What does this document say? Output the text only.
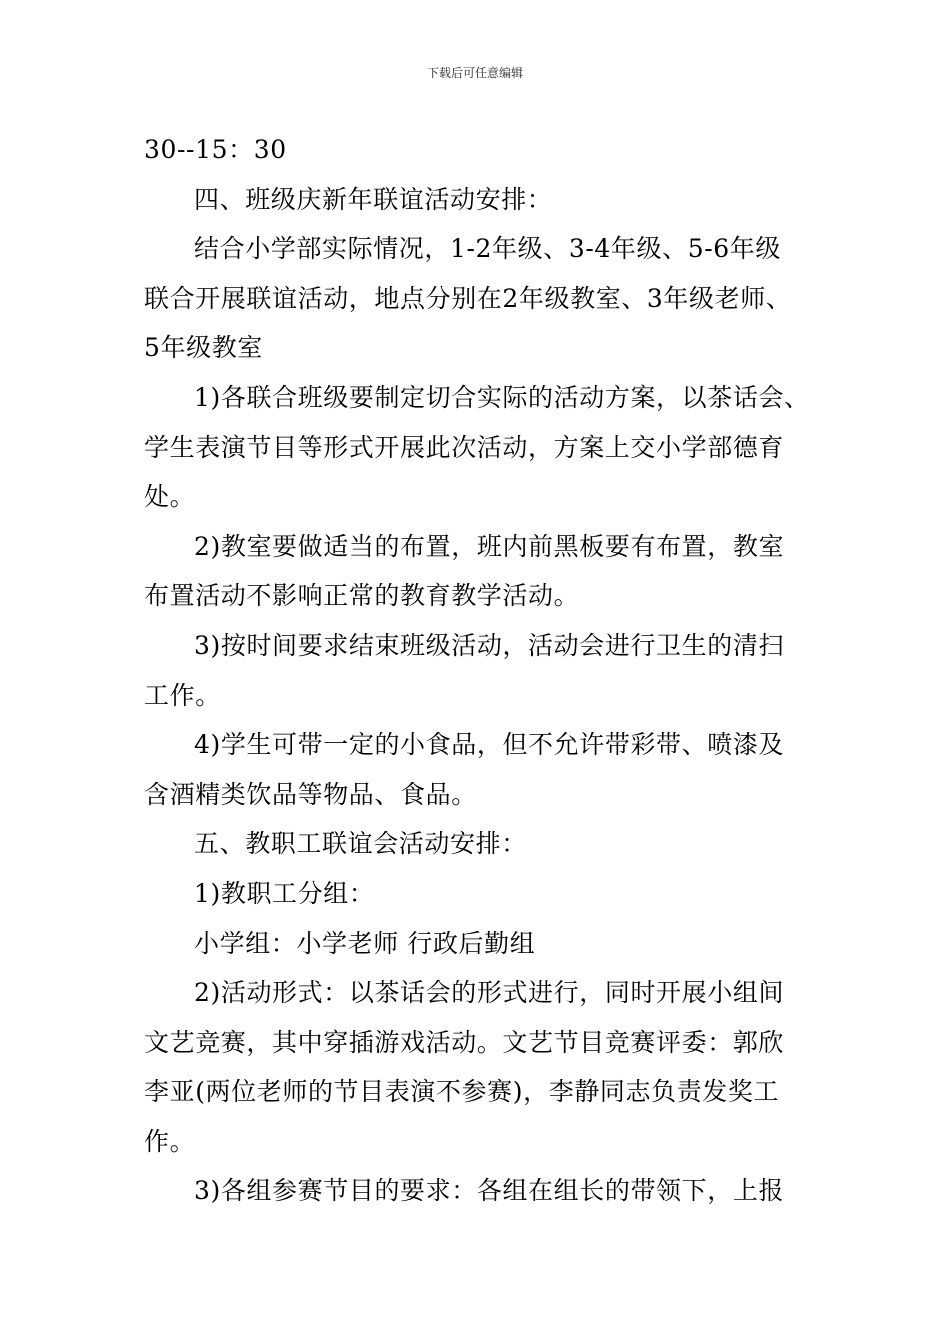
下载后可任意编辑
30--15：30
四、班级庆新年联谊活动安排：
结合小学部实际情况，1-2年级、3-4年级、5-6年级
联合开展联谊活动，地点分别在2年级教室、3年级老师、
5年级教室
1)各联合班级要制定切合实际的活动方案，以茶话会、
学生表演节目等形式开展此次活动，方案上交小学部德育
处。
2)教室要做适当的布置，班内前黑板要有布置，教室
布置活动不影响正常的教育教学活动。
3)按时间要求结束班级活动，活动会进行卫生的清扫
工作。
4)学生可带一定的小食品，但不允许带彩带、喷漆及
含酒精类饮品等物品、食品。
五、教职工联谊会活动安排：
1)教职工分组：
小学组：小学老师 行政后勤组
2)活动形式：以茶话会的形式进行，同时开展小组间
文艺竞赛，其中穿插游戏活动。文艺节目竞赛评委：郭欣
李亚(两位老师的节目表演不参赛)，李静同志负责发奖工
作。
3)各组参赛节目的要求：各组在组长的带领下，上报
